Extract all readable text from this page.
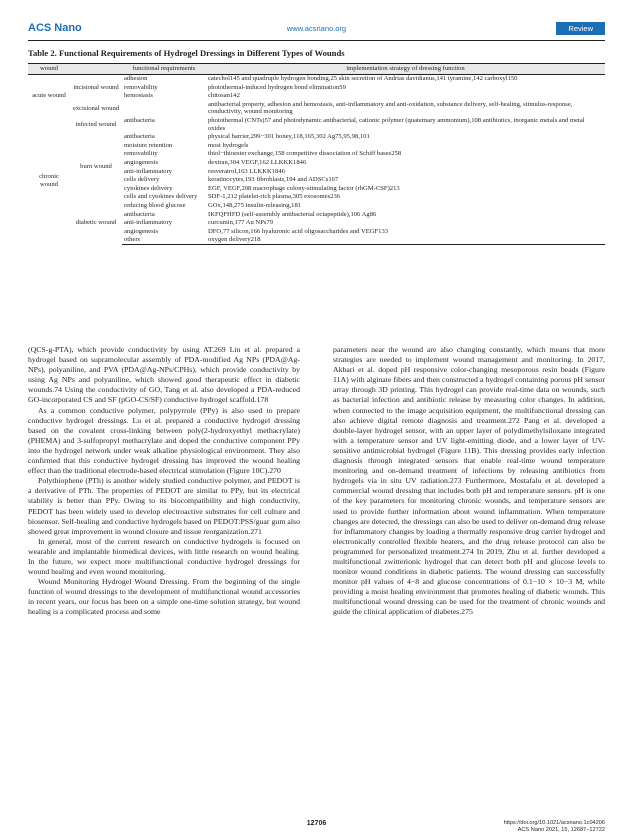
ACS Nano	www.acsnano.org	Review
Table 2. Functional Requirements of Hydrogel Dressings in Different Types of Wounds
wound		functional requirements	implementation strategy of dressing function
acute wound	incisional wound	adhesion	catechol145 and quadruple hydrogen bonding,25 skin secretion of Andrias davidianus,141 tyramine,142 carboxyl150
		removability	photothermal-induced hydrogen bond elimination59
		hemostasis	chitosan142
	excisional wound		antibacterial property, adhesion and hemostasis, anti-inflammatory and anti-oxidation, substance delivery, self-healing, stimulus-response, conductivity, wound monitoring
chronic wound	infected wound	antibacteria	photothermal (CNTs)57 and photodynamic antibacterial, cationic polymer (quaternary ammonium),108 antibiotics, inorganic metals and metal oxides
	burn wound	antibacteria	physical barrier,299−301 honey,118,165,302 Ag75,95,98,101
		moisture retention	most hydrogels
		removability	thiol−thioester exchange,158 competitive dissociation of Schiff bases258
		angiogenesis	dextran,304 VEGF,162 LLKKK1846
		anti-inflammatory	resveratrol,163 LLKKK1846
		cells delivery	keratinocytes,193 fibroblasts,194 and ADSCs167
		cytokines delivery	EGF, VEGF,208 macrophage colony-stimulating factor (rhGM-CSF)213
		cells and cytokines delivery	SDF-1,212 platelet-rich plasma,305 exosomes236
	diabetic wound	reducing blood glucose	GOx,148,275 insulin-releasing,181
		antibacteria	IKFQFHFD (self-assembly antibacterial octapeptide),106 Ag86
		anti-inflammatory	curcumin,177 Au NPs79
		angiogenesis	DFO,77 silicon,166 hyaluronic acid oligosaccharides and VEGF133
		others	oxygen delivery218

(QCS-g-PTA), which provide conductivity by using AT.269 Lin et al. prepared a hydrogel based on supramolecular assembly of PDA-modified Ag NPs (PDA@Ag-NPs), polyaniline, and PVA (PDA@Ag-NPs/CPHs), which provide conductivity by using Ag NPs and polyaniline, which showed good therapeutic effect in diabetic wounds.74 Using the conductivity of GO, Tang et al. also developed a PDA-reduced GO-incorporated CS and SF (pGO-CS/SF) conductive hydrogel scaffold.178

As a common conductive polymer, polypyrrole (PPy) is also used to prepare conductive hydrogel dressings. Lu et al. prepared a conductive hydrogel dressing based on the covalent cross-linking between poly(2-hydroxyethyl methacrylate) (PHEMA) and 3-sulfopropyl methacrylate and doped the conductive component PPy into the hydrogel network under weak alkaline physiological environment. They also confirmed that this conductive hydrogel dressing has improved the wound healing effect than the traditional electrode-based electrical stimulation (Figure 10C).270

Polythiophene (PTh) is another widely studied conductive polymer, and PEDOT is a derivative of PTh. The properties of PEDOT are similar to PPy, but its electrical stability is better than PPy. Owing to its biocompatibility and high conductivity, PEDOT has been widely used to develop electroactive substrates for cell culture and biosensor. Self-healing and conductive hydrogels based on PEDOT:PSS/guar gum also showed great improvement in wound closure and tissue reorganization.271

In general, most of the current research on conductive hydrogels is focused on wearable and implantable biomedical devices, with little research on wound healing. In the future, we expect more multifunctional conductive hydrogel dressings for wound healing and even wound monitoring.

Wound Monitoring Hydrogel Wound Dressing. From the beginning of the single function of wound dressings to the development of multifunctional wound accessories in recent years, our focus has been on a simple one-time solution strategy, but wound healing is a complicated process and some

parameters near the wound are also changing constantly, which means that more strategies are needed to implement wound management and monitoring. In 2017, Akbari et al. doped pH responsive color-changing mesoporous resin beads (Figure 11A) with alginate fibers and then constructed a hydrogel containing porous pH sensor array through 3D printing. This hydrogel can provide real-time data on wounds, such as bacterial infection and antibiotic release by measuring color changes. In addition, when connected to the image acquisition equipment, the multifunctional dressing can also achieve digital remote diagnosis and treatment.272 Pang et al. developed a double-layer hydrogel sensor, with an upper layer of polydimethylsiloxane integrated with a temperature sensor and UV light-emitting diode, and a lower layer of UV-sensitive antimicrobial hydrogel (Figure 11B). This dressing provides early infection diagnosis through integrated sensors that enable real-time wound temperature monitoring and on-demand treatment of infections by releasing antibiotics from hydrogels via in situ UV radiation.273 Furthermore, Mostafalu et al. developed a commercial wound dressing that includes both pH and temperature sensors. pH is one of the key parameters for monitoring chronic wounds, and temperature sensors are used to provide further information about wound inflammation. When temperature changes are detected, the dressings can also be used to deliver on-demand drug release for inflammatory changes by loading a thermally responsive drug carrier hydrogel and electronically controlled flexible heaters, and the drug release protocol can also be programmed for personalized treatment.274 In 2019, Zhu et al. further developed a multifunctional zwitterionic hydrogel that can detect both pH and glucose levels to monitor wound conditions in diabetic patients. The wound dressing can successfully monitor pH values of 4−8 and glucose concentrations of 0.1−10 × 10−3 M, while providing a moist healing environment that promotes healing of diabetic wounds. This multifunctional wound dressing can be used for the treatment of chronic wounds and guide the clinical application of diabetes.275

12706	https://doi.org/10.1021/acsnano.1c04206
ACS Nano 2021, 15, 12687−12722
